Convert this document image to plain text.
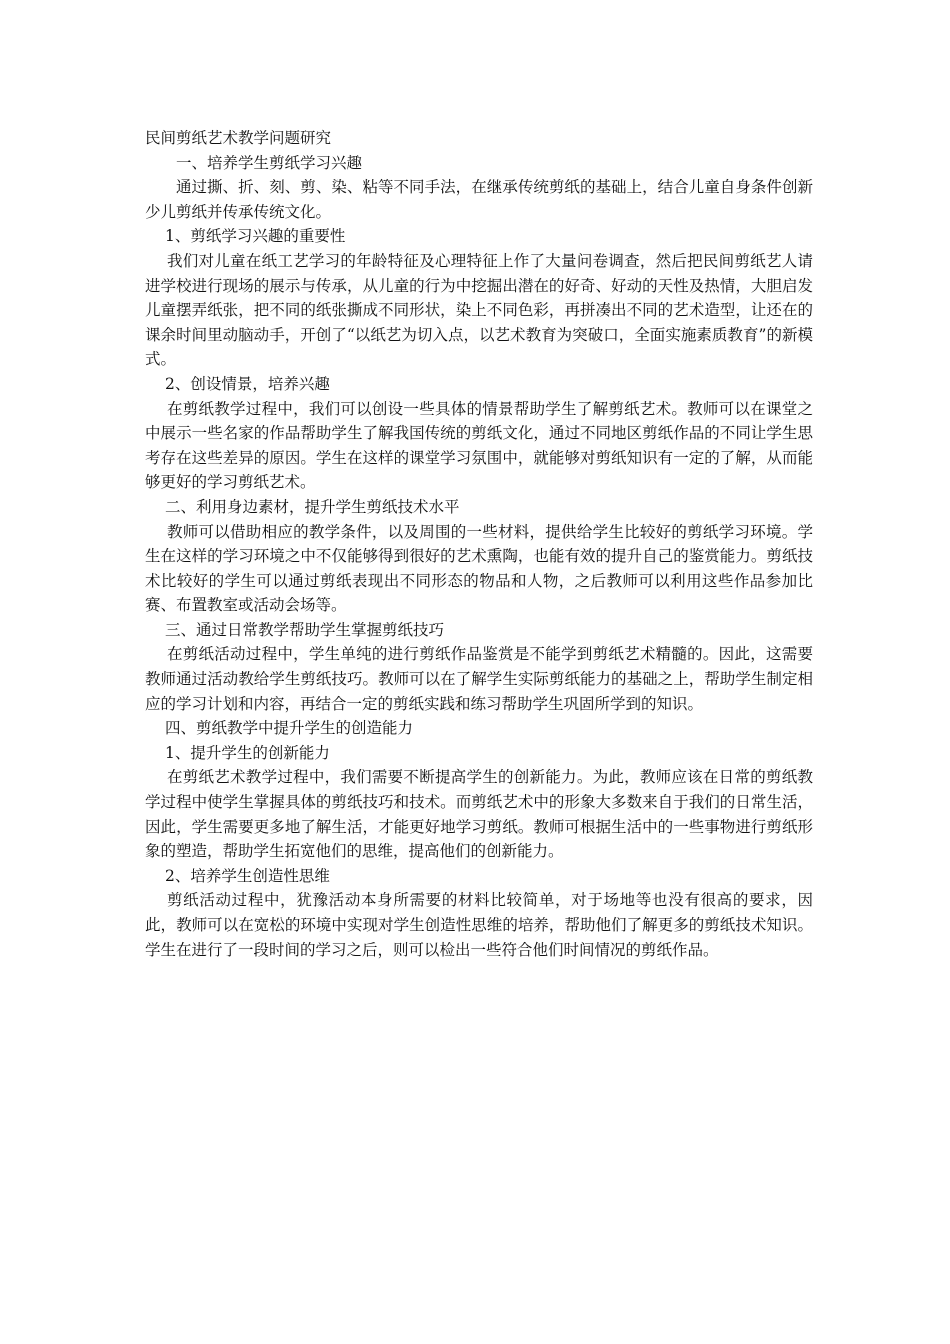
民间剪纸艺术教学问题研究

一、培养学生剪纸学习兴趣

通过撕、折、刻、剪、染、粘等不同手法，在继承传统剪纸的基础上，结合儿童自身条件创新少儿剪纸并传承传统文化。

1、剪纸学习兴趣的重要性

我们对儿童在纸工艺学习的年龄特征及心理特征上作了大量问卷调查，然后把民间剪纸艺人请进学校进行现场的展示与传承，从儿童的行为中挖掘出潜在的好奇、好动的天性及热情，大胆启发儿童摆弄纸张，把不同的纸张撕成不同形状，染上不同色彩，再拼凑出不同的艺术造型，让还在的课余时间里动脑动手，开创了“以纸艺为切入点，以艺术教育为突破口，全面实施素质教育”的新模式。

2、创设情景，培养兴趣

在剪纸教学过程中，我们可以创设一些具体的情景帮助学生了解剪纸艺术。教师可以在课堂之中展示一些名家的作品帮助学生了解我国传统的剪纸文化，通过不同地区剪纸作品的不同让学生思考存在这些差异的原因。学生在这样的课堂学习氛围中，就能够对剪纸知识有一定的了解，从而能够更好的学习剪纸艺术。

二、利用身边素材，提升学生剪纸技术水平

教师可以借助相应的教学条件，以及周围的一些材料，提供给学生比较好的剪纸学习环境。学生在这样的学习环境之中不仅能够得到很好的艺术熏陶，也能有效的提升自己的鉴赏能力。剪纸技术比较好的学生可以通过剪纸表现出不同形态的物品和人物，之后教师可以利用这些作品参加比赛、布置教室或活动会场等。

三、通过日常教学帮助学生掌握剪纸技巧

在剪纸活动过程中，学生单纯的进行剪纸作品鉴赏是不能学到剪纸艺术精髓的。因此，这需要教师通过活动教给学生剪纸技巧。教师可以在了解学生实际剪纸能力的基础之上，帮助学生制定相应的学习计划和内容，再结合一定的剪纸实践和练习帮助学生巩固所学到的知识。

四、剪纸教学中提升学生的创造能力

1、提升学生的创新能力

在剪纸艺术教学过程中，我们需要不断提高学生的创新能力。为此，教师应该在日常的剪纸教学过程中使学生掌握具体的剪纸技巧和技术。而剪纸艺术中的形象大多数来自于我们的日常生活，因此，学生需要更多地了解生活，才能更好地学习剪纸。教师可根据生活中的一些事物进行剪纸形象的塑造，帮助学生拓宽他们的思维，提高他们的创新能力。

2、培养学生创造性思维

剪纸活动过程中，犹豫活动本身所需要的材料比较简单，对于场地等也没有很高的要求，因此，教师可以在宽松的环境中实现对学生创造性思维的培养，帮助他们了解更多的剪纸技术知识。学生在进行了一段时间的学习之后，则可以检出一些符合他们时间情况的剪纸作品。
